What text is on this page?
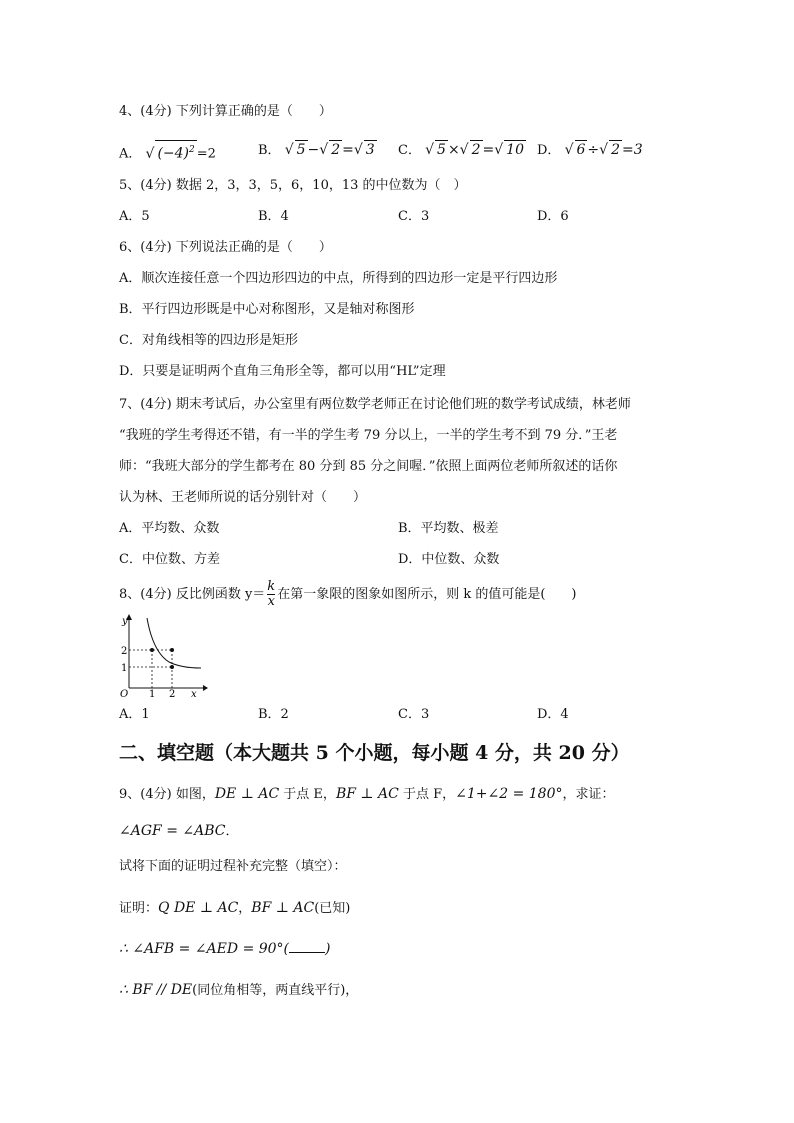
4、(4分) 下列计算正确的是（　　）
A． √ $(-4)^2 =2$	B． √ 5 −√ 2 =√ 3 C． √ 5 ×√ 2 =√ 10 D． √ 6 ÷√ 2 =3
5、(4分) 数据 2，3，3，5，6，10，13 的中位数为（　）
A．5	B．4	C．3	D．6
6、(4分) 下列说法正确的是（　　）
A．顺次连接任意一个四边形四边的中点，所得到的四边形一定是平行四边形
B．平行四边形既是中心对称图形，又是轴对称图形
C．对角线相等的四边形是矩形
D．只要是证明两个直角三角形全等，都可以用“HL”定理
7、(4分) 期末考试后，办公室里有两位数学老师正在讨论他们班的数学考试成绩，林老师
“我班的学生考得还不错，有一半的学生考 79 分以上，一半的学生考不到 79 分．”王老
师：“我班大部分的学生都考在 80 分到 85 分之间喔．”依照上面两位老师所叙述的话你
认为林、王老师所说的话分别针对（　　）
A．平均数、众数	B．平均数、极差
C．中位数、方差	D．中位数、众数
8、(4分) 反比例函数 $y= \frac{k}{x}$ 在第一象限的图象如图所示，则 k 的值可能是(　　)
y
x
O
2
1
1 2
A．1	B．2	C．3	D．4
二、填空题（本大题共 5 个小题，每小题 4 分，共 20 分）
9、(4分) 如图，DE ⊥ AC 于点 E，BF ⊥ AC 于点 F，∠1+∠2 = 180°，求证：
∠AGF = ∠ABC．
试将下面的证明过程补充完整（填空）：
证明：Q DE ⊥ AC，BF ⊥ AC(已知)
∴ ∠AFB = ∠AED = 90°(	)
∴ BF // DE(同位角相等，两直线平行)，
